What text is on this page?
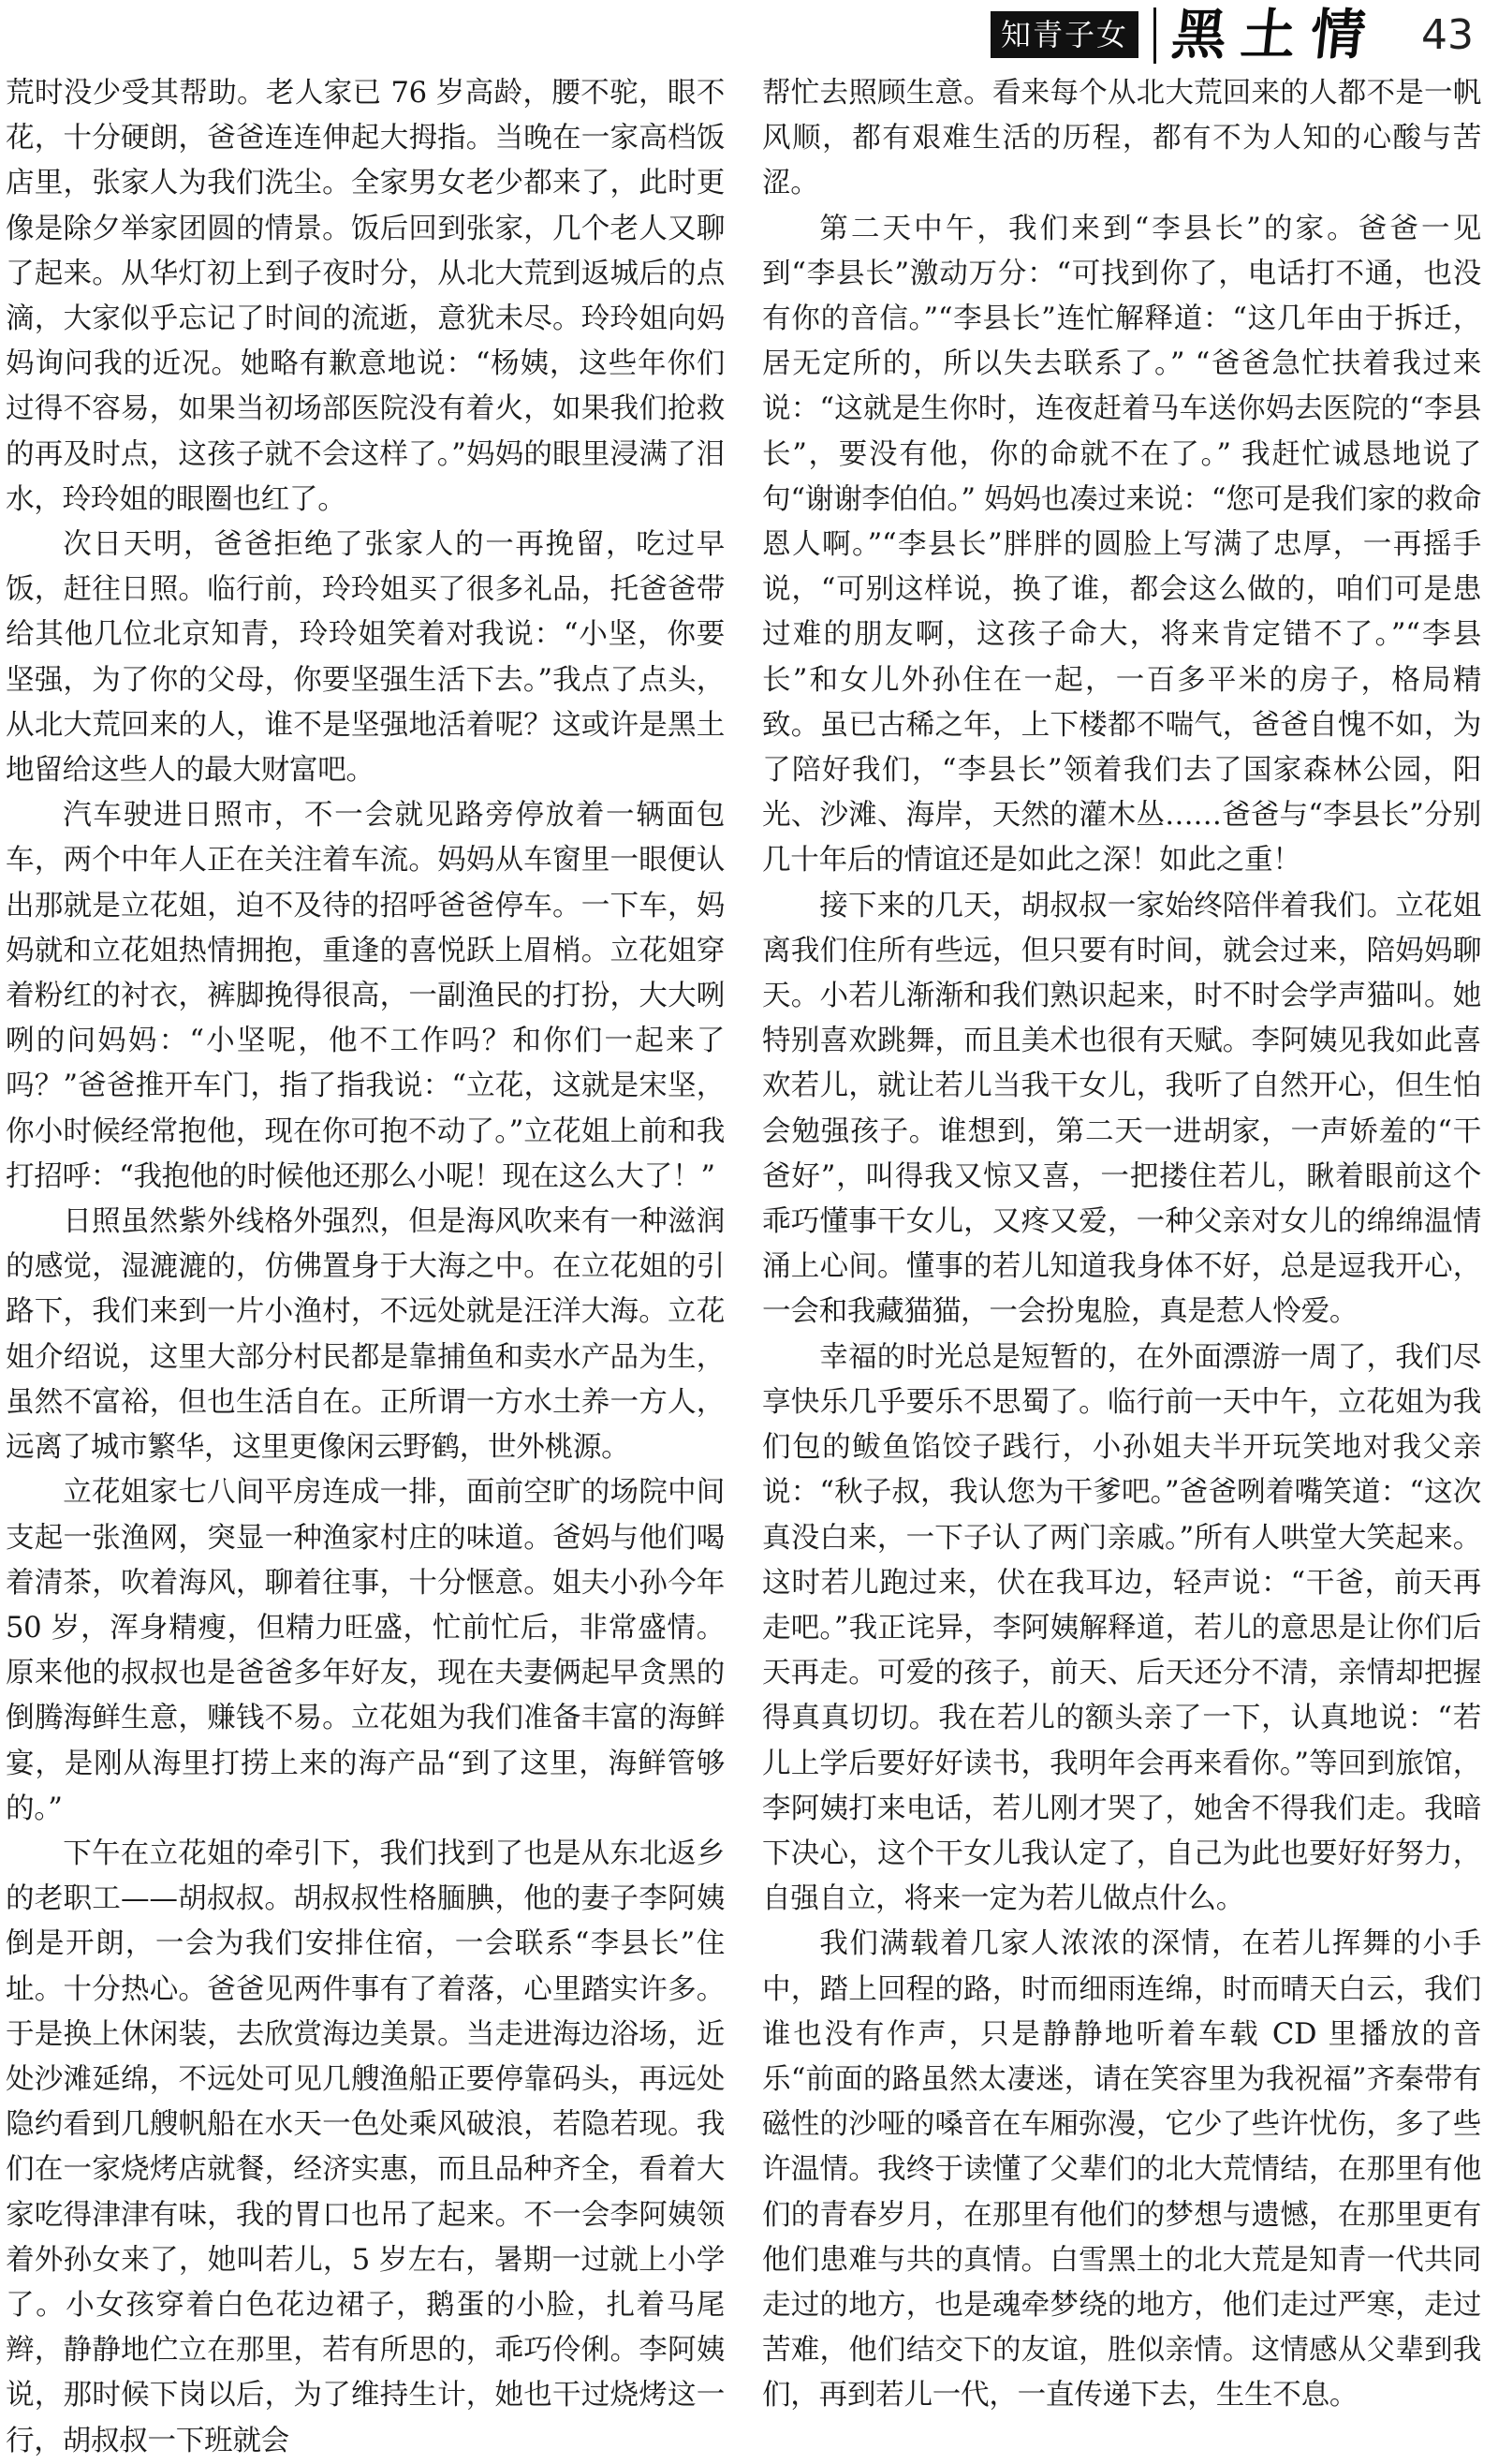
知青子女 黑土情 43

荒时没少受其帮助。老人家已 76 岁高龄，腰不驼，眼不花，十分硬朗，爸爸连连伸起大拇指。当晚在一家高档饭店里，张家人为我们洗尘。全家男女老少都来了，此时更像是除夕举家团圆的情景。饭后回到张家，几个老人又聊了起来。从华灯初上到子夜时分，从北大荒到返城后的点滴，大家似乎忘记了时间的流逝，意犹未尽。玲玲姐向妈妈询问我的近况。她略有歉意地说：“杨姨，这些年你们过得不容易，如果当初场部医院没有着火，如果我们抢救的再及时点，这孩子就不会这样了。”妈妈的眼里浸满了泪水，玲玲姐的眼圈也红了。

次日天明，爸爸拒绝了张家人的一再挽留，吃过早饭，赶往日照。临行前，玲玲姐买了很多礼品，托爸爸带给其他几位北京知青，玲玲姐笑着对我说：“小坚，你要坚强，为了你的父母，你要坚强生活下去。”我点了点头，从北大荒回来的人，谁不是坚强地活着呢？这或许是黑土地留给这些人的最大财富吧。

汽车驶进日照市，不一会就见路旁停放着一辆面包车，两个中年人正在关注着车流。妈妈从车窗里一眼便认出那就是立花姐，迫不及待的招呼爸爸停车。一下车，妈妈就和立花姐热情拥抱，重逢的喜悦跃上眉梢。立花姐穿着粉红的衬衣，裤脚挽得很高，一副渔民的打扮，大大咧咧的问妈妈：“小坚呢，他不工作吗？和你们一起来了吗？”爸爸推开车门，指了指我说：“立花，这就是宋坚，你小时候经常抱他，现在你可抱不动了。”立花姐上前和我打招呼：“我抱他的时候他还那么小呢！现在这么大了！”

日照虽然紫外线格外强烈，但是海风吹来有一种滋润的感觉，湿漉漉的，仿佛置身于大海之中。在立花姐的引路下，我们来到一片小渔村，不远处就是汪洋大海。立花姐介绍说，这里大部分村民都是靠捕鱼和卖水产品为生，虽然不富裕，但也生活自在。正所谓一方水土养一方人，远离了城市繁华，这里更像闲云野鹤，世外桃源。

立花姐家七八间平房连成一排，面前空旷的场院中间支起一张渔网，突显一种渔家村庄的味道。爸妈与他们喝着清茶，吹着海风，聊着往事，十分惬意。姐夫小孙今年 50 岁，浑身精瘦，但精力旺盛，忙前忙后，非常盛情。原来他的叔叔也是爸爸多年好友，现在夫妻俩起早贪黑的倒腾海鲜生意，赚钱不易。立花姐为我们准备丰富的海鲜宴，是刚从海里打捞上来的海产品“到了这里，海鲜管够的。”

下午在立花姐的牵引下，我们找到了也是从东北返乡的老职工——胡叔叔。胡叔叔性格腼腆，他的妻子李阿姨倒是开朗，一会为我们安排住宿，一会联系“李县长”住址。十分热心。爸爸见两件事有了着落，心里踏实许多。于是换上休闲装，去欣赏海边美景。当走进海边浴场，近处沙滩延绵，不远处可见几艘渔船正要停靠码头，再远处隐约看到几艘帆船在水天一色处乘风破浪，若隐若现。我们在一家烧烤店就餐，经济实惠，而且品种齐全，看着大家吃得津津有味，我的胃口也吊了起来。不一会李阿姨领着外孙女来了，她叫若儿，5 岁左右，暑期一过就上小学了。小女孩穿着白色花边裙子，鹅蛋的小脸，扎着马尾辫，静静地伫立在那里，若有所思的，乖巧伶俐。李阿姨说，那时候下岗以后，为了维持生计，她也干过烧烤这一行，胡叔叔一下班就会

帮忙去照顾生意。看来每个从北大荒回来的人都不是一帆风顺，都有艰难生活的历程，都有不为人知的心酸与苦涩。

第二天中午，我们来到“李县长”的家。爸爸一见到“李县长”激动万分：“可找到你了，电话打不通，也没有你的音信。”“李县长”连忙解释道：“这几年由于拆迁，居无定所的，所以失去联系了。” “爸爸急忙扶着我过来说：“这就是生你时，连夜赶着马车送你妈去医院的“李县长”，要没有他，你的命就不在了。” 我赶忙诚恳地说了句“谢谢李伯伯。” 妈妈也凑过来说：“您可是我们家的救命恩人啊。”“李县长”胖胖的圆脸上写满了忠厚，一再摇手说，“可别这样说，换了谁，都会这么做的，咱们可是患过难的朋友啊，这孩子命大，将来肯定错不了。”“李县长”和女儿外孙住在一起，一百多平米的房子，格局精致。虽已古稀之年，上下楼都不喘气，爸爸自愧不如，为了陪好我们，“李县长”领着我们去了国家森林公园，阳光、沙滩、海岸，天然的灌木丛……爸爸与“李县长”分别几十年后的情谊还是如此之深！如此之重！

接下来的几天，胡叔叔一家始终陪伴着我们。立花姐离我们住所有些远，但只要有时间，就会过来，陪妈妈聊天。小若儿渐渐和我们熟识起来，时不时会学声猫叫。她特别喜欢跳舞，而且美术也很有天赋。李阿姨见我如此喜欢若儿，就让若儿当我干女儿，我听了自然开心，但生怕会勉强孩子。谁想到，第二天一进胡家，一声娇羞的“干爸好”，叫得我又惊又喜，一把搂住若儿，瞅着眼前这个乖巧懂事干女儿，又疼又爱，一种父亲对女儿的绵绵温情涌上心间。懂事的若儿知道我身体不好，总是逗我开心，一会和我藏猫猫，一会扮鬼脸，真是惹人怜爱。

幸福的时光总是短暂的，在外面漂游一周了，我们尽享快乐几乎要乐不思蜀了。临行前一天中午，立花姐为我们包的鲅鱼馅饺子践行，小孙姐夫半开玩笑地对我父亲说：“秋子叔，我认您为干爹吧。”爸爸咧着嘴笑道：“这次真没白来，一下子认了两门亲戚。”所有人哄堂大笑起来。这时若儿跑过来，伏在我耳边，轻声说：“干爸，前天再走吧。”我正诧异，李阿姨解释道，若儿的意思是让你们后天再走。可爱的孩子，前天、后天还分不清，亲情却把握得真真切切。我在若儿的额头亲了一下，认真地说：“若儿上学后要好好读书，我明年会再来看你。”等回到旅馆，李阿姨打来电话，若儿刚才哭了，她舍不得我们走。我暗下决心，这个干女儿我认定了，自己为此也要好好努力，自强自立，将来一定为若儿做点什么。

我们满载着几家人浓浓的深情，在若儿挥舞的小手中，踏上回程的路，时而细雨连绵，时而晴天白云，我们谁也没有作声，只是静静地听着车载 CD 里播放的音乐“前面的路虽然太凄迷，请在笑容里为我祝福”齐秦带有磁性的沙哑的嗓音在车厢弥漫，它少了些许忧伤，多了些许温情。我终于读懂了父辈们的北大荒情结，在那里有他们的青春岁月，在那里有他们的梦想与遗憾，在那里更有他们患难与共的真情。白雪黑土的北大荒是知青一代共同走过的地方，也是魂牵梦绕的地方，他们走过严寒，走过苦难，他们结交下的友谊，胜似亲情。这情感从父辈到我们，再到若儿一代，一直传递下去，生生不息。
